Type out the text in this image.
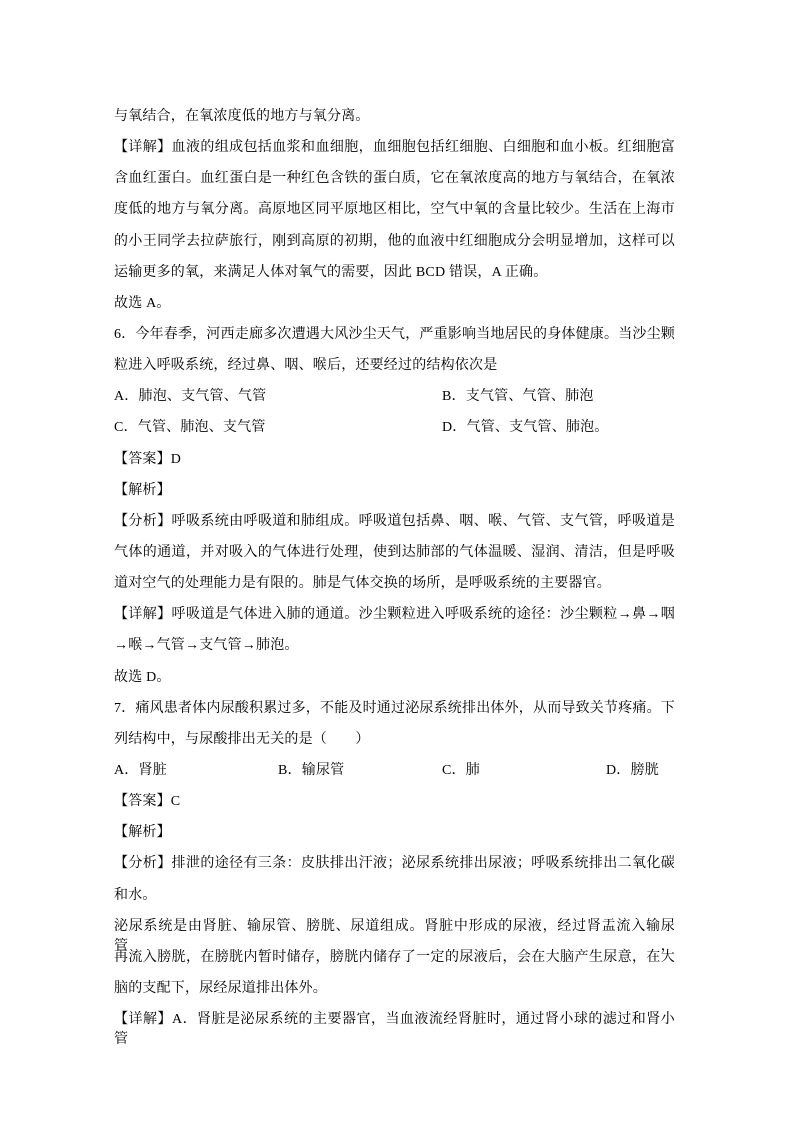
与氧结合，在氧浓度低的地方与氧分离。
【详解】血液的组成包括血浆和血细胞，血细胞包括红细胞、白细胞和血小板。红细胞富
含血红蛋白。血红蛋白是一种红色含铁的蛋白质，它在氧浓度高的地方与氧结合，在氧浓
度低的地方与氧分离。高原地区同平原地区相比，空气中氧的含量比较少。生活在上海市
的小王同学去拉萨旅行，刚到高原的初期，他的血液中红细胞成分会明显增加，这样可以
运输更多的氧，来满足人体对氧气的需要，因此 BCD 错误，A 正确。
故选 A。
6．今年春季，河西走廊多次遭遇大风沙尘天气，严重影响当地居民的身体健康。当沙尘颗
粒进入呼吸系统，经过鼻、咽、喉后，还要经过的结构依次是

A．肺泡、支气管、气管

	B．支气管、气管、肺泡

C．气管、肺泡、支气管

	D．气管、支气管、肺泡。

【答案】D
【解析】
【分析】呼吸系统由呼吸道和肺组成。呼吸道包括鼻、咽、喉、气管、支气管，呼吸道是
气体的通道，并对吸入的气体进行处理，使到达肺部的气体温暖、湿润、清洁，但是呼吸
道对空气的处理能力是有限的。肺是气体交换的场所，是呼吸系统的主要器官。
【详解】呼吸道是气体进入肺的通道。沙尘颗粒进入呼吸系统的途径：沙尘颗粒→鼻→咽
→喉→气管→支气管→肺泡。
故选 D。
7．痛风患者体内尿酸积累过多，不能及时通过泌尿系统排出体外，从而导致关节疼痛。下
列结构中，与尿酸排出无关的是（　　）

A．肾脏

	B．输尿管

	C．肺

	D．膀胱

【答案】C
【解析】
【分析】排泄的途径有三条：皮肤排出汗液；泌尿系统排出尿液；呼吸系统排出二氧化碳
和水。
泌尿系统是由肾脏、输尿管、膀胱、尿道组成。肾脏中形成的尿液，经过肾盂流入输尿管，
再流入膀胱，在膀胱内暂时储存，膀胱内储存了一定的尿液后，会在大脑产生尿意，在大
脑的支配下，尿经尿道排出体外。
【详解】A．肾脏是泌尿系统的主要器官，当血液流经肾脏时，通过肾小球的滤过和肾小管
